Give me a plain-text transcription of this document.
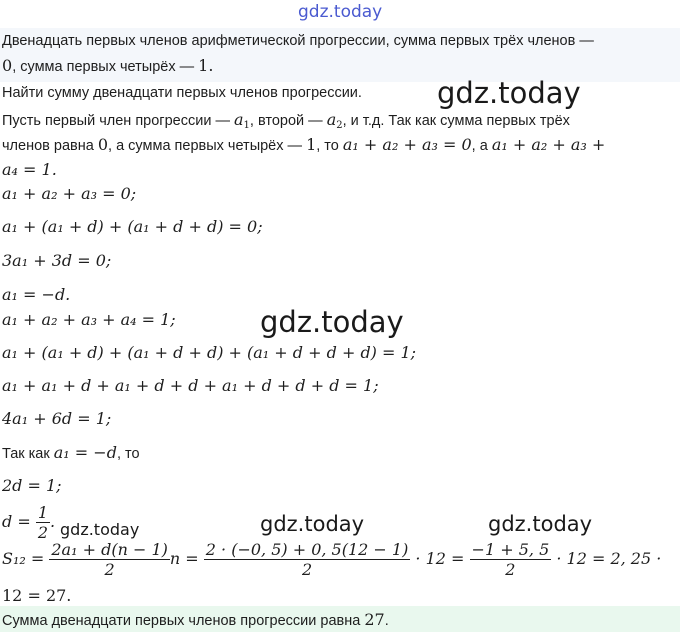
gdz.today
gdz.today
gdz.today
gdz.today	gdz.today	gdz.today
Двенадцать первых членов арифметической прогрессии, сумма первых трёх членов —
0, сумма первых четырёх — 1.
Найти сумму двенадцати первых членов прогрессии.
Пусть первый член прогрессии — $a_1$, второй — $a_2$, и т.д. Так как сумма первых трёх
членов равна 0, а сумма первых четырёх — 1, то a₁ + a₂ + a₃ = 0, а a₁ + a₂ + a₃ +
a₄ = 1.
a₁ + a₂ + a₃ = 0;
a₁ + (a₁ + d) + (a₁ + d + d) = 0;
3a₁ + 3d = 0;
a₁ = −d.
a₁ + a₂ + a₃ + a₄ = 1;
a₁ + (a₁ + d) + (a₁ + d + d) + (a₁ + d + d + d) = 1;
a₁ + a₁ + d + a₁ + d + d + a₁ + d + d + d = 1;
4a₁ + 6d = 1;
Так как a₁ = −d, то
2d = 1;
$d = \frac{1}{2}$ .
$S_{12} = \frac{\text{2a₁ + d(n − 1)}}{2}$ $n = \frac{2 \cdot (-0, 5) + 0, 5(12 - 1)}{2} \cdot 12 = \frac{-1 + 5, 5}{2} \cdot 12 = 2$, 25 ·
12 = 27.
Сумма двенадцати первых членов прогрессии равна 27.
